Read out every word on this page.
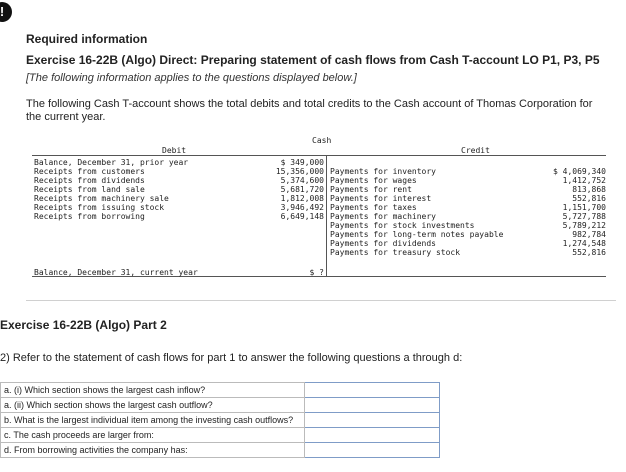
!
Required information
Exercise 16-22B (Algo) Direct: Preparing statement of cash flows from Cash T-account LO P1, P3, P5
[The following information applies to the questions displayed below.]
The following Cash T-account shows the total debits and total credits to the Cash account of Thomas Corporation for the current year.
Cash
Debit	Credit
Balance, December 31, prior year	$ 349,000
Receipts from customers	15,356,000
Receipts from dividends	5,374,600
Receipts from land sale	5,681,720
Receipts from machinery sale	1,812,008
Receipts from issuing stock	3,946,492
Receipts from borrowing	6,649,148
Payments for inventory	$ 4,069,340
Payments for wages	1,412,752
Payments for rent	813,868
Payments for interest	552,816
Payments for taxes	1,151,700
Payments for machinery	5,727,788
Payments for stock investments	5,789,212
Payments for long-term notes payable	982,784
Payments for dividends	1,274,548
Payments for treasury stock	552,816
Balance, December 31, current year	$ ?
Exercise 16-22B (Algo) Part 2
2) Refer to the statement of cash flows for part 1 to answer the following questions a through d:
a. (i) Which section shows the largest cash inflow?	
a. (ii) Which section shows the largest cash outflow?	
b. What is the largest individual item among the investing cash outflows?	
c. The cash proceeds are larger from:	
d. From borrowing activities the company has:	
